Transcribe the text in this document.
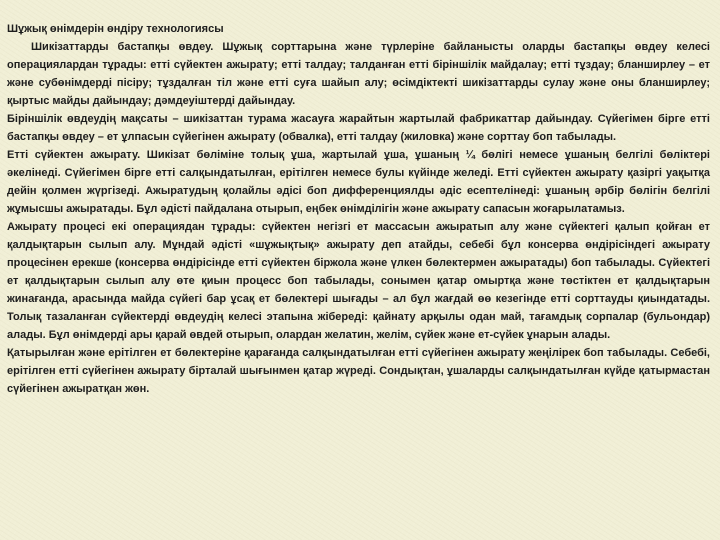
Шұжық өнімдерін өндіру технологиясы

Шикізаттарды бастапқы өвдеу. Шұжық сорттарына және түрлеріне байланысты оларды бастапқы өвдеу келесі операциялардан тұрады: етті сүйектен ажырату; етті талдау; талданған етті біріншілік майдалау; етті тұздау; бланширлеу – ет және субөнімдерді пісіру; тұздалған тіл және етті суға шайып алу; өсімдіктекті шикізаттарды сулау және оны бланширлеу; қыртыс майды дайындау; дәмдеуіштерді дайындау.

Біріншілік өвдеудің мақсаты – шикізаттан турама жасауға жарайтын жартылай фабрикаттар дайындау. Сүйегімен бірге етті бастапқы өвдеу – ет ұлпасын сүйегінен ажырату (обвалка), етті талдау (жиловка) және сорттау боп табылады.

Етті сүйектен ажырату. Шикізат бөліміне толық ұша, жартылай ұша, ұшаның ¼ бөлігі немесе ұшаның белгілі бөліктері әкелінеді. Сүйегімен бірге етті салқындатылған, ерітілген немесе булы күйінде желеді. Етті сүйектен ажырату қазіргі уақытқа дейін қолмен жүргізеді. Ажыратудың қолайлы әдісі боп дифференциялды әдіс есептелінеді: ұшаның әрбір бөлігін белгілі жұмысшы ажыратады. Бұл әдісті пайдалана отырып, еңбек өнімділігін және ажырату сапасын жоғарылатамыз.

Ажырату процесі екі операциядан тұрады: сүйектен негізгі ет массасын ажыратып алу және сүйектегі қалып қойған ет қалдықтарын сылып алу. Мұндай әдісті «шұжықтық» ажырату деп атайды, себебі бұл консерва өндірісіндегі ажырату процесінен ерекше (консерва өндірісінде етті сүйектен біржола және үлкен бөлектермен ажыратады) боп табылады. Сүйектегі ет қалдықтарын сылып алу өте қиын процесс боп табылады, сонымен қатар омыртқа және төстіктен ет қалдықтарын жинағанда, арасында майда сүйегі бар ұсақ ет бөлектері шығады – ал бұл жағдай өө кезегінде етті сорттауды қиындатады. Толық тазаланған сүйектерді өвдеудің келесі этапына жібереді: қайнату арқылы одан май, тағамдық сорпалар (бульондар) алады. Бұл өнімдерді ары қарай өвдей отырып, олардан желатин, желім, сүйек және ет-сүйек ұнарын алады.

Қатырылған және ерітілген ет бөлектеріне қарағанда салқындатылған етті сүйегінен ажырату жеңілірек боп табылады. Себебі, ерітілген етті сүйегінен ажырату бірталай шығынмен қатар жүреді. Сондықтан, ұшаларды салқындатылған күйде қатырмастан сүйегінен ажыратқан жөн.
